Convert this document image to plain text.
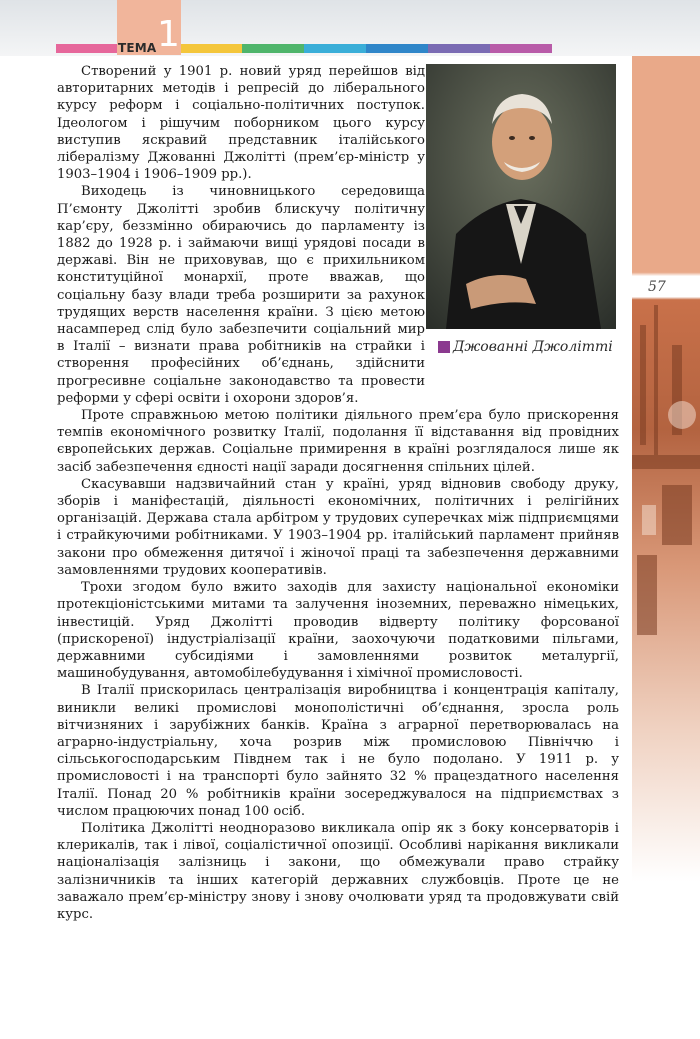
ТЕМА 1
57
Джованні Джолітті

Створений у 1901 р. новий уряд перейшов від авторитарних методів і репресій до ліберального курсу реформ і соціально-політичних поступок. Ідеологом і рішучим поборником цього курсу виступив яскравий представник італійського лібералізму Джованні Джолітті (прем’єр-міністр у 1903–1904 і 1906–1909 рр.).

Виходець із чиновницького середовища П’ємонту Джолітті зробив блискучу політичну кар’єру, беззмінно обираючись до парламенту із 1882 до 1928 р. і займаючи вищі урядові посади в державі. Він не приховував, що є прихильником конституційної монархії, проте вважав, що соціальну базу влади треба розширити за рахунок трудящих верств населення країни. З цією метою насамперед слід було забезпечити соціальний мир в Італії – визнати права робітників на страйки і створення професійних об’єднань, здійснити прогресивне соціальне законодавство та провести реформи у сфері освіти і охорони здоров’я.

Проте справжньою метою політики діяльного прем’єра було прискорення темпів економічного розвитку Італії, подолання її відставання від провідних європейських держав. Соціальне примирення в країні розглядалося лише як засіб забезпечення єдності нації заради досягнення спільних цілей.

Скасувавши надзвичайний стан у країні, уряд відновив свободу друку, зборів і маніфестацій, діяльності економічних, політичних і релігійних організацій. Держава стала арбітром у трудових суперечках між підприємцями і страйкуючими робітниками. У 1903–1904 рр. італійський парламент прийняв закони про обмеження дитячої і жіночої праці та забезпечення державними замовленнями трудових кооперативів.

Трохи згодом було вжито заходів для захисту національної економіки протекціоністськими митами та залучення іноземних, переважно німецьких, інвестицій. Уряд Джолітті проводив відверту політику форсованої (прискореної) індустріалізації країни, заохочуючи податковими пільгами, державними субсидіями і замовленнями розвиток металургії, машинобудування, автомобілебудування і хімічної промисловості.

В Італії прискорилась централізація виробництва і концентрація капіталу, виникли великі промислові монополістичні об’єднання, зросла роль вітчизняних і зарубіжних банків. Країна з аграрної перетворювалась на аграрно-індустріальну, хоча розрив між промисловою Північчю і сільськогосподарським Півднем так і не було подолано. У 1911 р. у промисловості і на транспорті було зайнято 32 % працездатного населення Італії. Понад 20 % робітників країни зосереджувалося на підприємствах з числом працюючих понад 100 осіб.

Політика Джолітті неодноразово викликала опір як з боку консерваторів і клерикалів, так і лівої, соціалістичної опозиції. Особливі нарікання викликали націоналізація залізниць і закони, що обмежували право страйку залізничників та інших категорій державних службовців. Проте це не заважало прем’єр-міністру знову і знову очолювати уряд та продовжувати свій курс.
